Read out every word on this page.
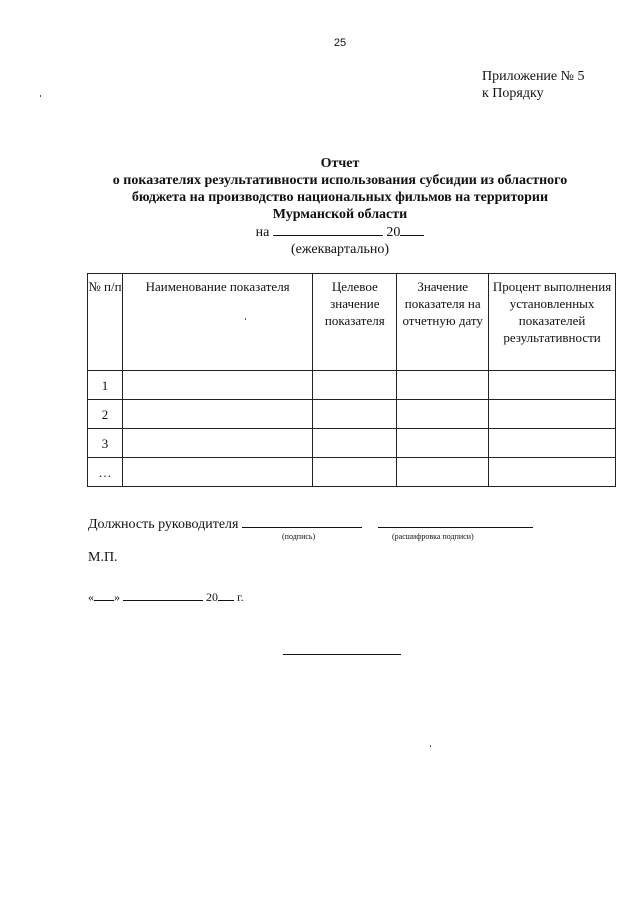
25
Приложение № 5
к Порядку
Отчет
о показателях результативности использования субсидии из областного
бюджета на производство национальных фильмов на территории
Мурманской области
на	20
(ежеквартально)
№ п/п	Наименование показателя	Целевое значение показателя	Значение показателя на отчетную дату	Процент выполнения установленных показателей результативности
1				
2				
3				
…				
Должность руководителя
(подпись)	(расшифровка подписи)
М.П.
« »	20 г.
